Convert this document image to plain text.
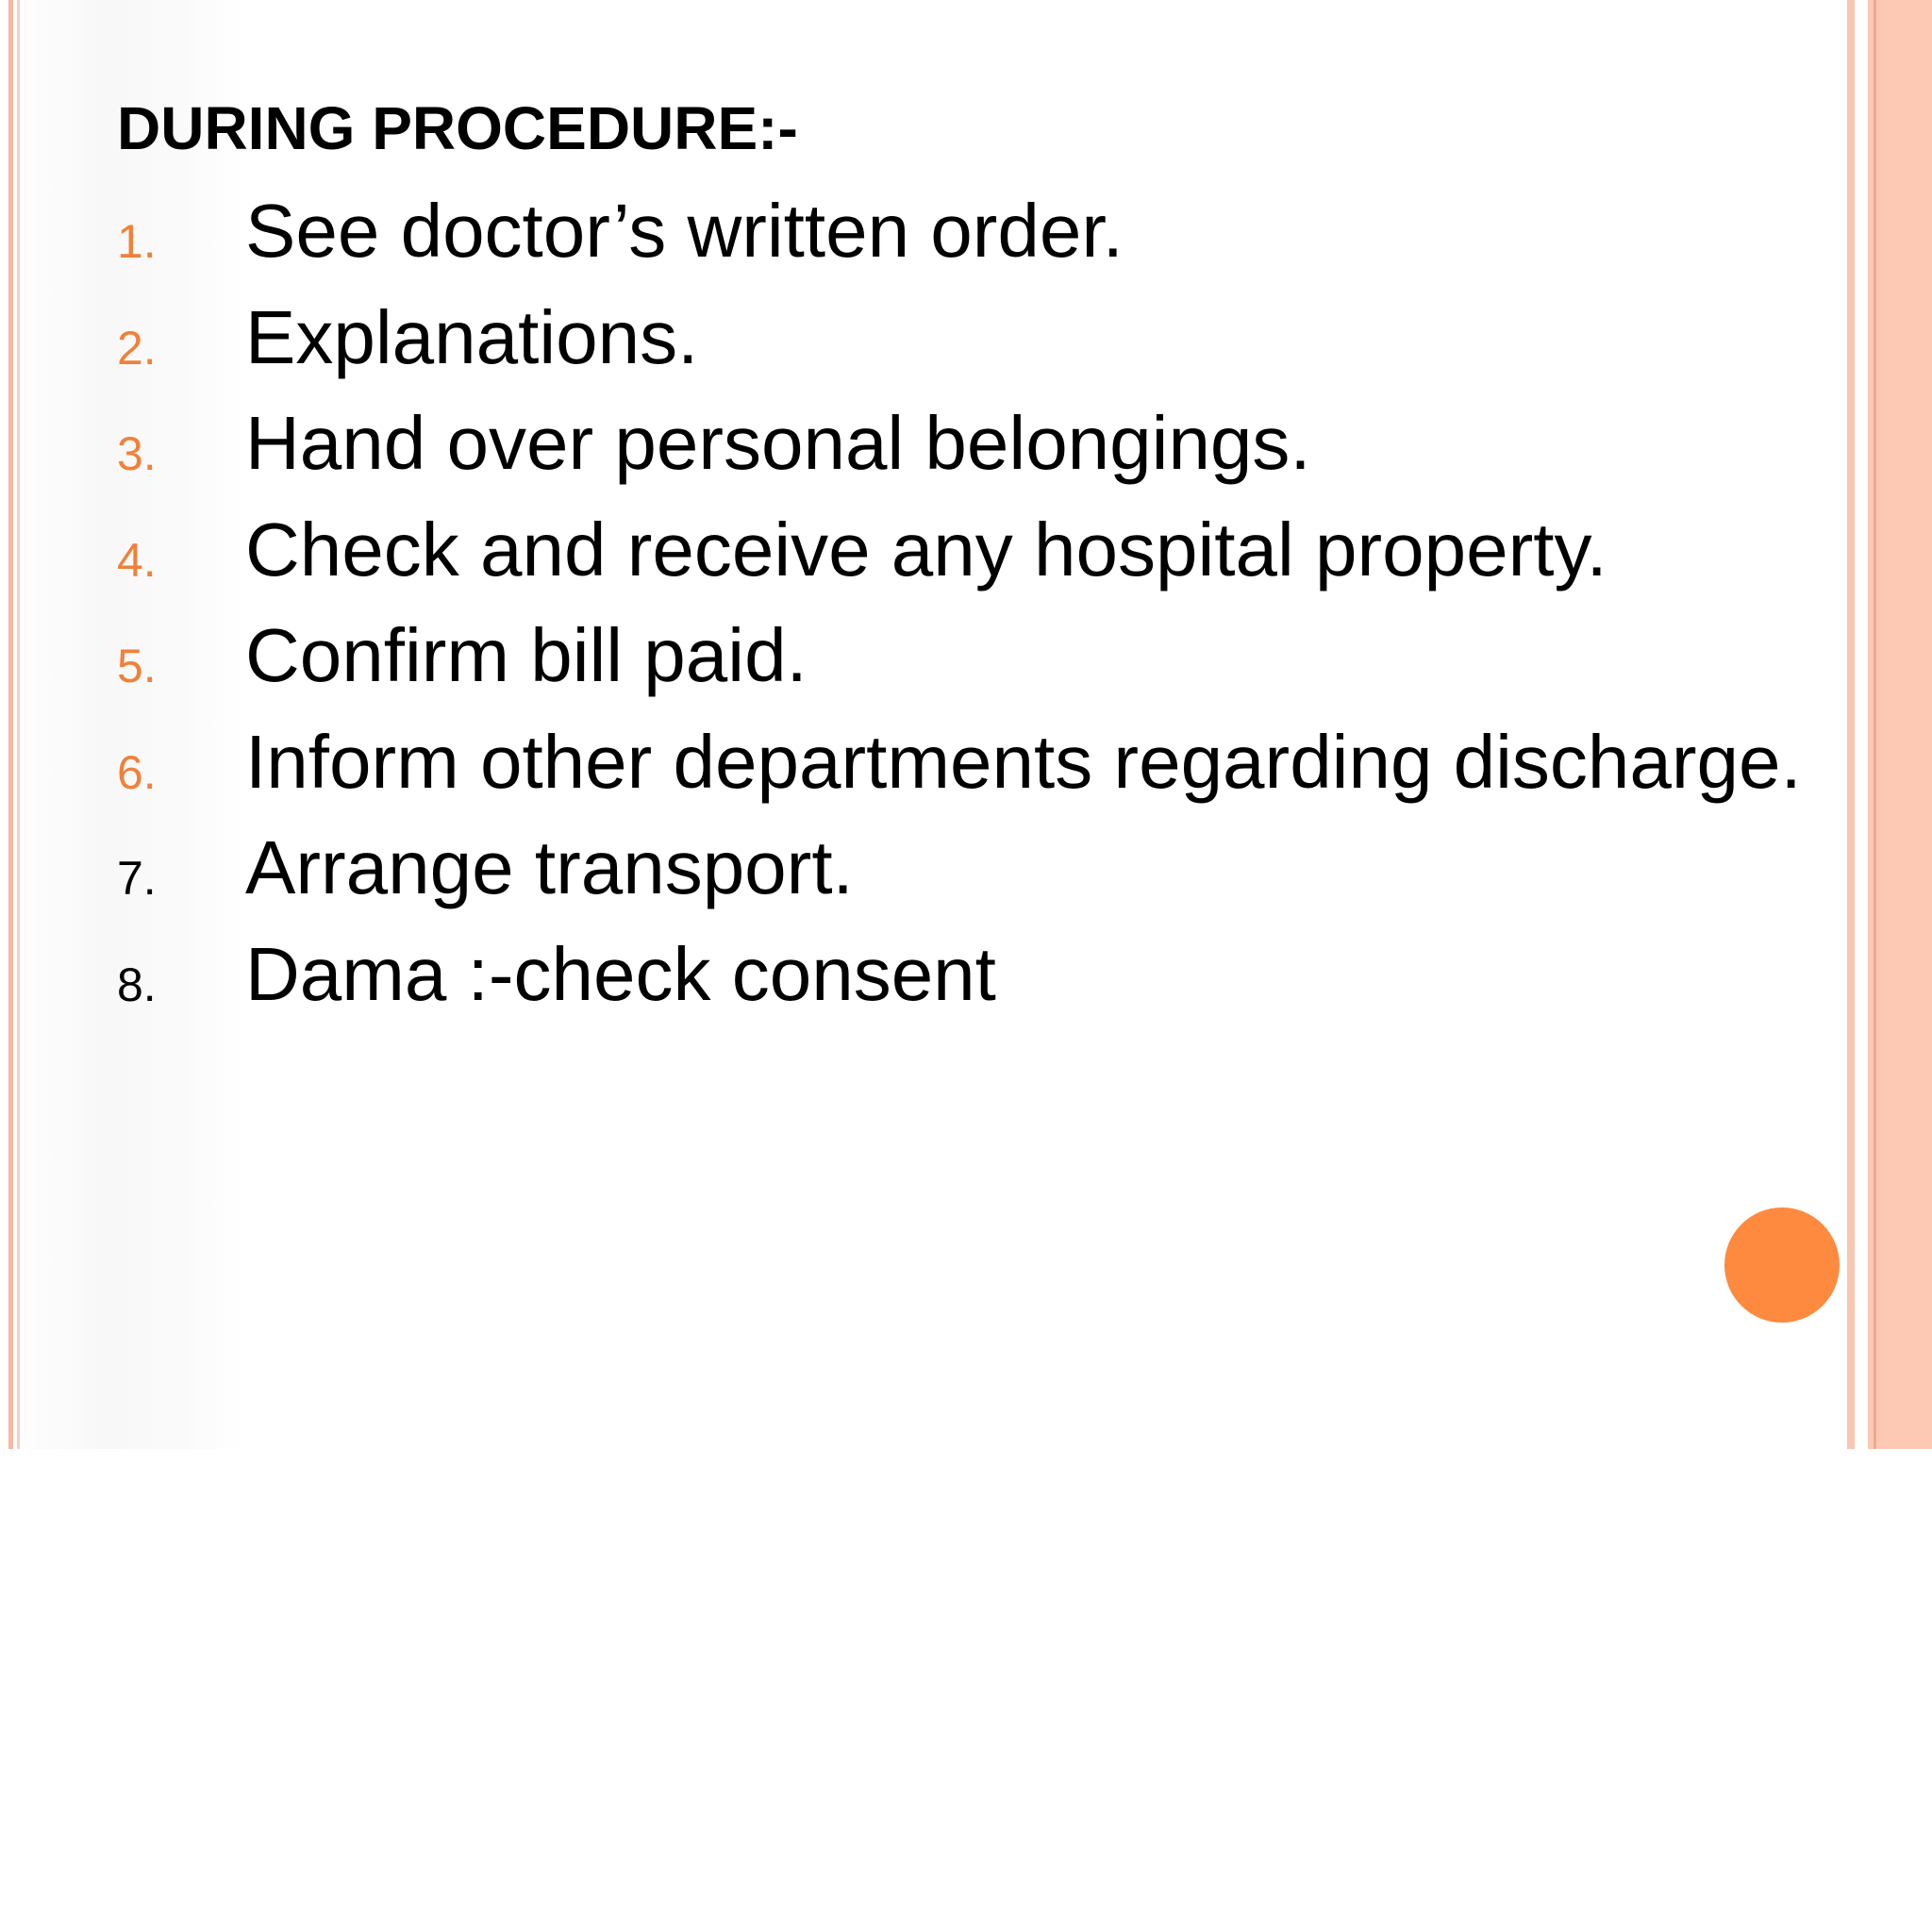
DURING PROCEDURE:-
1. See doctor’s written order.
2. Explanations.
3. Hand over personal belongings.
4. Check and receive any hospital property.
5. Confirm bill paid.
6. Inform other departments regarding discharge.
7. Arrange transport.
8. Dama :-check consent
